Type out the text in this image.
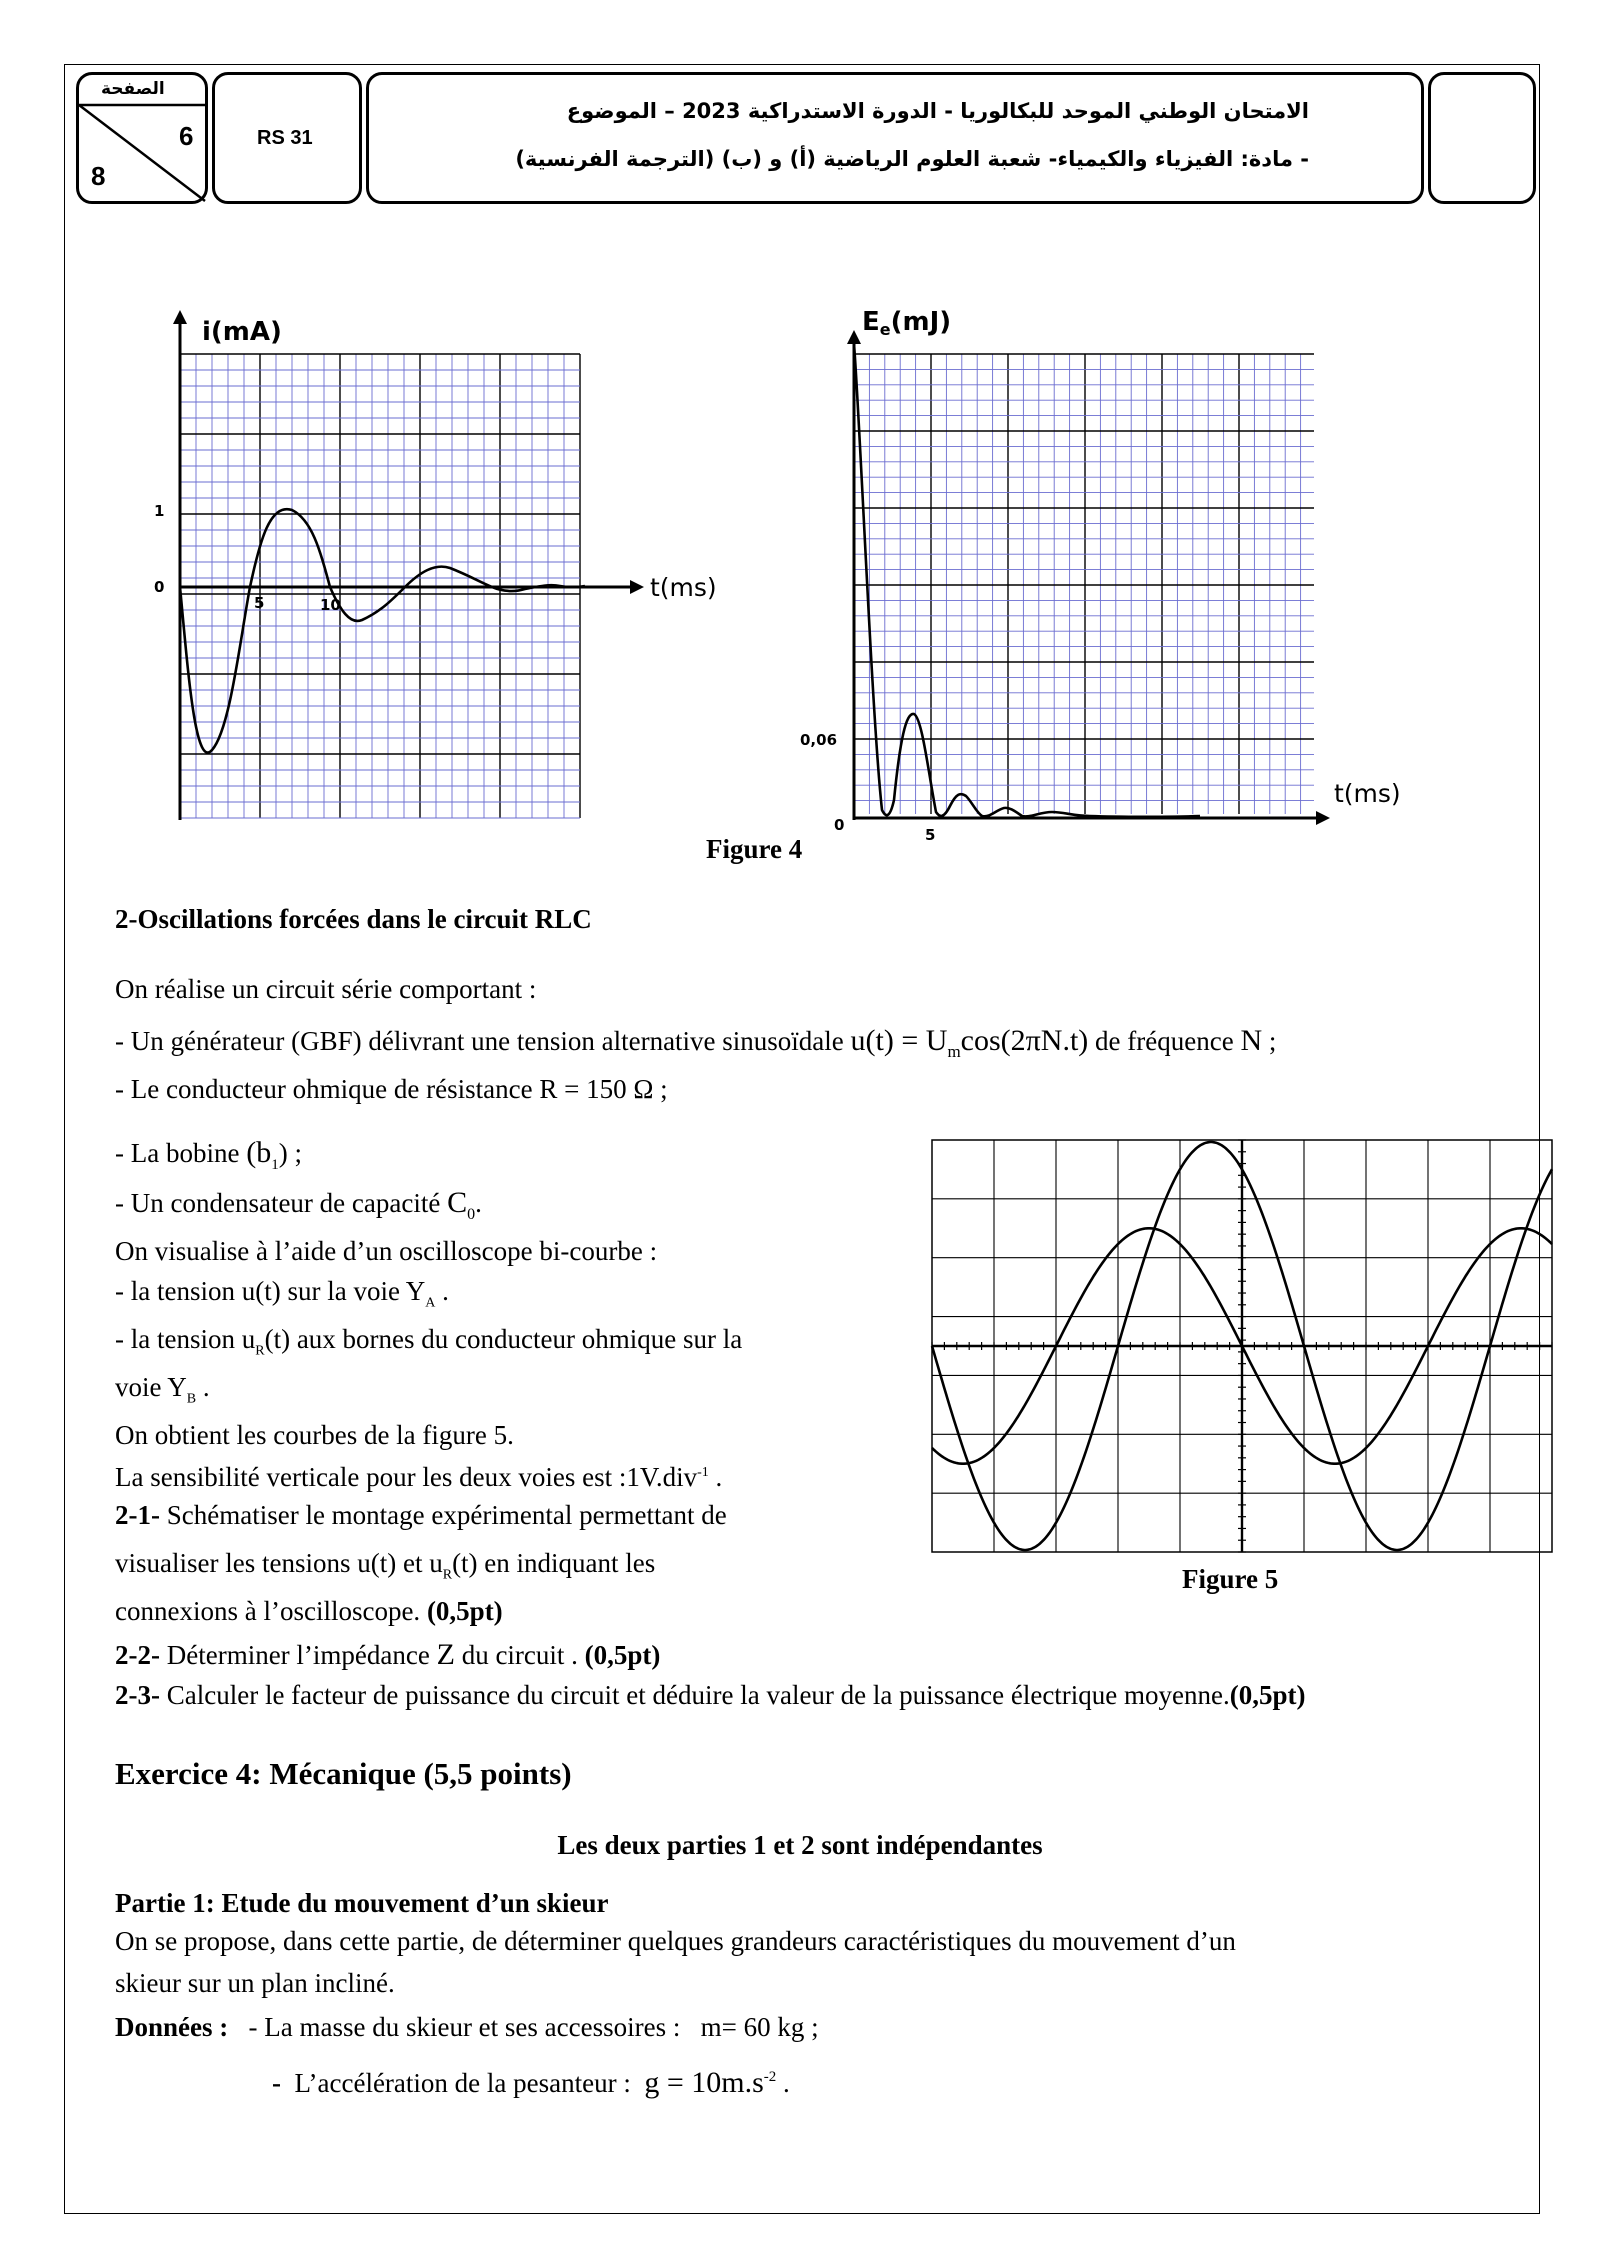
الصفحة
6
8
RS 31
الامتحان الوطني الموحد للبكالوريا - الدورة الاستدراكية 2023 – الموضوع
- مادة: الفيزياء والكيمياء- شعبة العلوم الرياضية (أ) و (ب) (الترجمة الفرنسية)
i(mA)
t(ms)
1
0
5	10
Ee(mJ)
t(ms)
0,06
0
5
Figure 4
2-Oscillations forcées dans le circuit RLC
On réalise un circuit série comportant :
- Un générateur (GBF) délivrant une tension alternative sinusoïdale $u(t) = U_m\cos(2\pi N.t)$ de fréquence N ;
- Le conducteur ohmique de résistance R = 150 Ω ;
- La bobine $(b_1)$ ;
- Un condensateur de capacité $C_0$.
On visualise à l’aide d’un oscilloscope bi-courbe :
- la tension u(t) sur la voie $Y_A$ .
- la tension $u_R(t)$ aux bornes du conducteur ohmique sur la
voie $Y_B$ .
On obtient les courbes de la figure 5.
La sensibilité verticale pour les deux voies est :1V.div$^{-1}$ .
2-1- Schématiser le montage expérimental permettant de
visualiser les tensions u(t) et $u_R(t)$ en indiquant les
connexions à l’oscilloscope. (0,5pt)
2-2- Déterminer l’impédance Z du circuit . (0,5pt)
2-3- Calculer le facteur de puissance du circuit et déduire la valeur de la puissance électrique moyenne.(0,5pt)
Figure 5
Exercice 4: Mécanique (5,5 points)
Les deux parties 1 et 2 sont indépendantes
Partie 1: Etude du mouvement d’un skieur
On se propose, dans cette partie, de déterminer quelques grandeurs caractéristiques du mouvement d’un
skieur sur un plan incliné.
Données : - La masse du skieur et ses accessoires : m= 60 kg ;
- L’accélération de la pesanteur : $g = 10m.s^{-2}$ .
